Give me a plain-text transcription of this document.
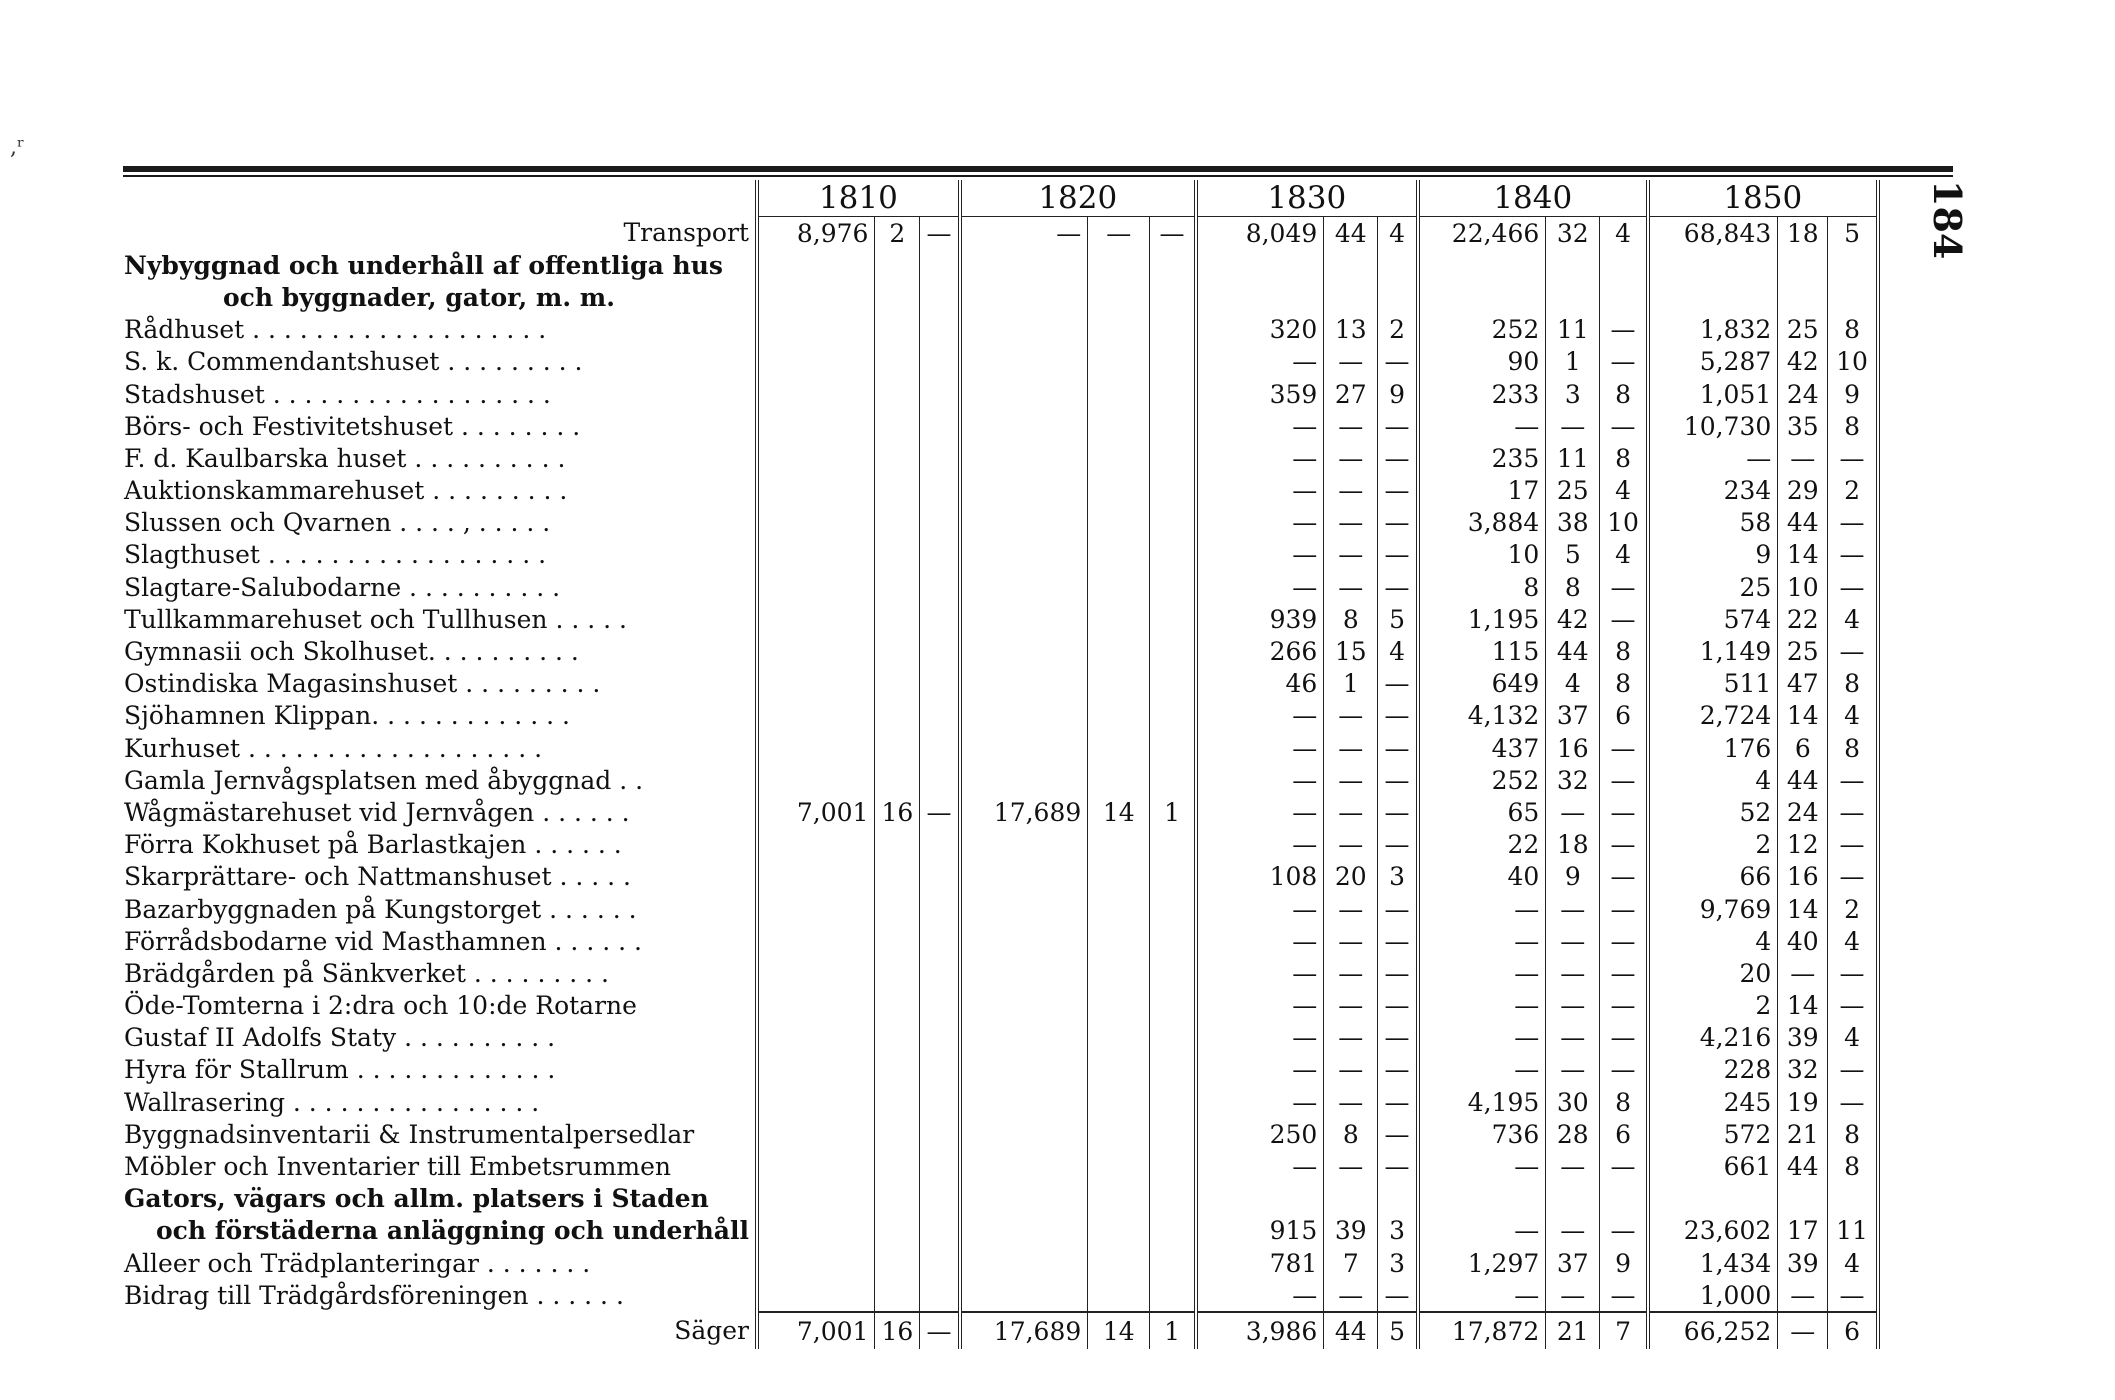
,ʳ
184
	1810			1820			1830			1840			1850		
Transport	8,976	2	—	—	—	—	8,049	44	4	22,466	32	4	68,843	18	5
Nybyggnad och underhåll af offentliga hus															
och byggnader, gator, m. m.															
Rådhuset . . . . . . . . . . . . . . . . . . .							320	13	2	252	11	—	1,832	25	8
S. k. Commendantshuset . . . . . . . . .							—	—	—	90	1	—	5,287	42	10
Stadshuset . . . . . . . . . . . . . . . . . .							359	27	9	233	3	8	1,051	24	9
Börs- och Festivitetshuset . . . . . . . .							—	—	—	—	—	—	10,730	35	8
F. d. Kaulbarska huset . . . . . . . . . .							—	—	—	235	11	8	—	—	—
Auktionskammarehuset . . . . . . . . .							—	—	—	17	25	4	234	29	2
Slussen och Qvarnen . . . . , . . . . .							—	—	—	3,884	38	10	58	44	—
Slagthuset . . . . . . . . . . . . . . . . . .							—	—	—	10	5	4	9	14	—
Slagtare-Salubodarne . . . . . . . . . .							—	—	—	8	8	—	25	10	—
Tullkammarehuset och Tullhusen . . . . .							939	8	5	1,195	42	—	574	22	4
Gymnasii och Skolhuset. . . . . . . . . .							266	15	4	115	44	8	1,149	25	—
Ostindiska Magasinshuset . . . . . . . . .							46	1	—	649	4	8	511	47	8
Sjöhamnen Klippan. . . . . . . . . . . . .							—	—	—	4,132	37	6	2,724	14	4
Kurhuset . . . . . . . . . . . . . . . . . . .							—	—	—	437	16	—	176	6	8
Gamla Jernvågsplatsen med åbyggnad . .							—	—	—	252	32	—	4	44	—
Wågmästarehuset vid Jernvågen . . . . . .	7,001	16	—	17,689	14	1	—	—	—	65	—	—	52	24	—
Förra Kokhuset på Barlastkajen . . . . . .							—	—	—	22	18	—	2	12	—
Skarprättare- och Nattmanshuset . . . . .							108	20	3	40	9	—	66	16	—
Bazarbyggnaden på Kungstorget . . . . . .							—	—	—	—	—	—	9,769	14	2
Förrådsbodarne vid Masthamnen . . . . . .							—	—	—	—	—	—	4	40	4
Brädgården på Sänkverket . . . . . . . . .							—	—	—	—	—	—	20	—	—
Öde-Tomterna i 2:dra och 10:de Rotarne							—	—	—	—	—	—	2	14	—
Gustaf II Adolfs Staty . . . . . . . . . .							—	—	—	—	—	—	4,216	39	4
Hyra för Stallrum . . . . . . . . . . . . .							—	—	—	—	—	—	228	32	—
Wallrasering . . . . . . . . . . . . . . . .							—	—	—	4,195	30	8	245	19	—
Byggnadsinventarii & Instrumentalpersedlar							250	8	—	736	28	6	572	21	8
Möbler och Inventarier till Embetsrummen							—	—	—	—	—	—	661	44	8
Gators, vägars och allm. platsers i Staden															
och förstäderna anläggning och underhåll							915	39	3	—	—	—	23,602	17	11
Alleer och Trädplanteringar . . . . . . .							781	7	3	1,297	37	9	1,434	39	4
Bidrag till Trädgårdsföreningen . . . . . .							—	—	—	—	—	—	1,000	—	—
Säger	7,001	16	—	17,689	14	1	3,986	44	5	17,872	21	7	66,252	—	6
